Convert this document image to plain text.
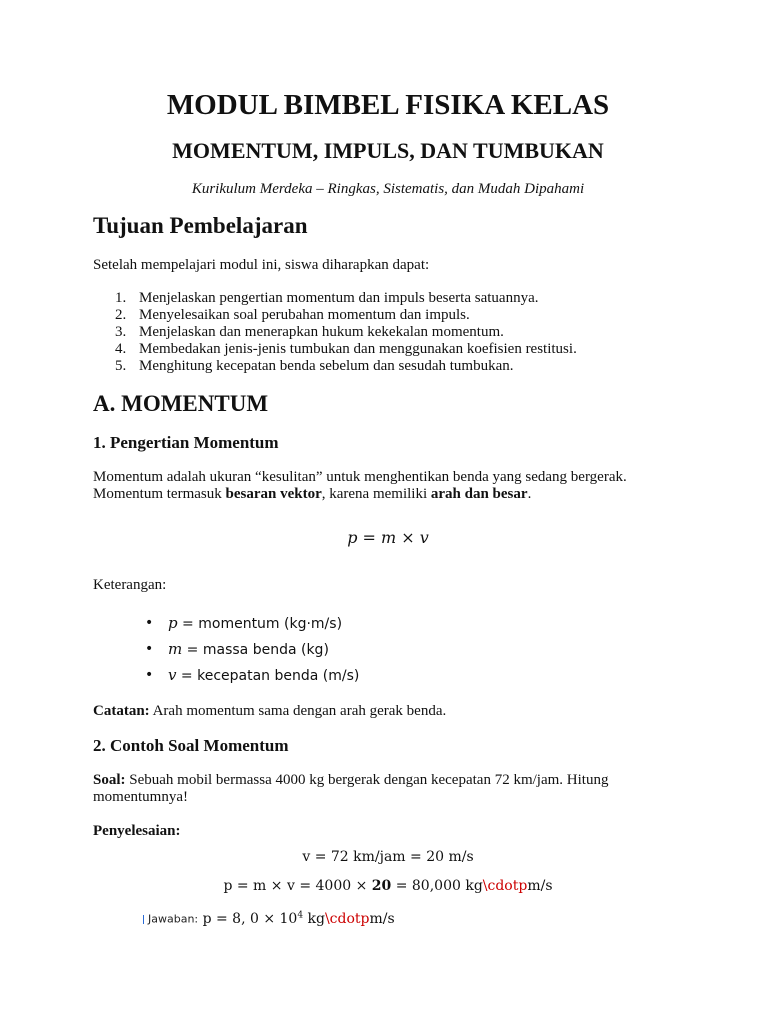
MODUL BIMBEL FISIKA KELAS
MOMENTUM, IMPULS, DAN TUMBUKAN

Kurikulum Merdeka – Ringkas, Sistematis, dan Mudah Dipahami

Tujuan Pembelajaran

Setelah mempelajari modul ini, siswa diharapkan dapat:

1. Menjelaskan pengertian momentum dan impuls beserta satuannya.
2. Menyelesaikan soal perubahan momentum dan impuls.
3. Menjelaskan dan menerapkan hukum kekekalan momentum.
4. Membedakan jenis-jenis tumbukan dan menggunakan koefisien restitusi.
5. Menghitung kecepatan benda sebelum dan sesudah tumbukan.
A. MOMENTUM
1. Pengertian Momentum

Momentum adalah ukuran “kesulitan” untuk menghentikan benda yang sedang bergerak.
Momentum termasuk besaran vektor, karena memiliki arah dan besar.

p = m × v

Keterangan:

• p = momentum (kg·m/s)
• m = massa benda (kg)
• v = kecepatan benda (m/s)

Catatan: Arah momentum sama dengan arah gerak benda.

2. Contoh Soal Momentum

Soal: Sebuah mobil bermassa 4000 kg bergerak dengan kecepatan 72 km/jam. Hitung
momentumnya!

Penyelesaian:

v = 72 km/jam = 20 m/s
p = m × v = 4000 × 20 = 80,000 kg\cdotpm/s
Jawaban: p = 8, $0 \times 10^4$ kg\cdotpm/s
